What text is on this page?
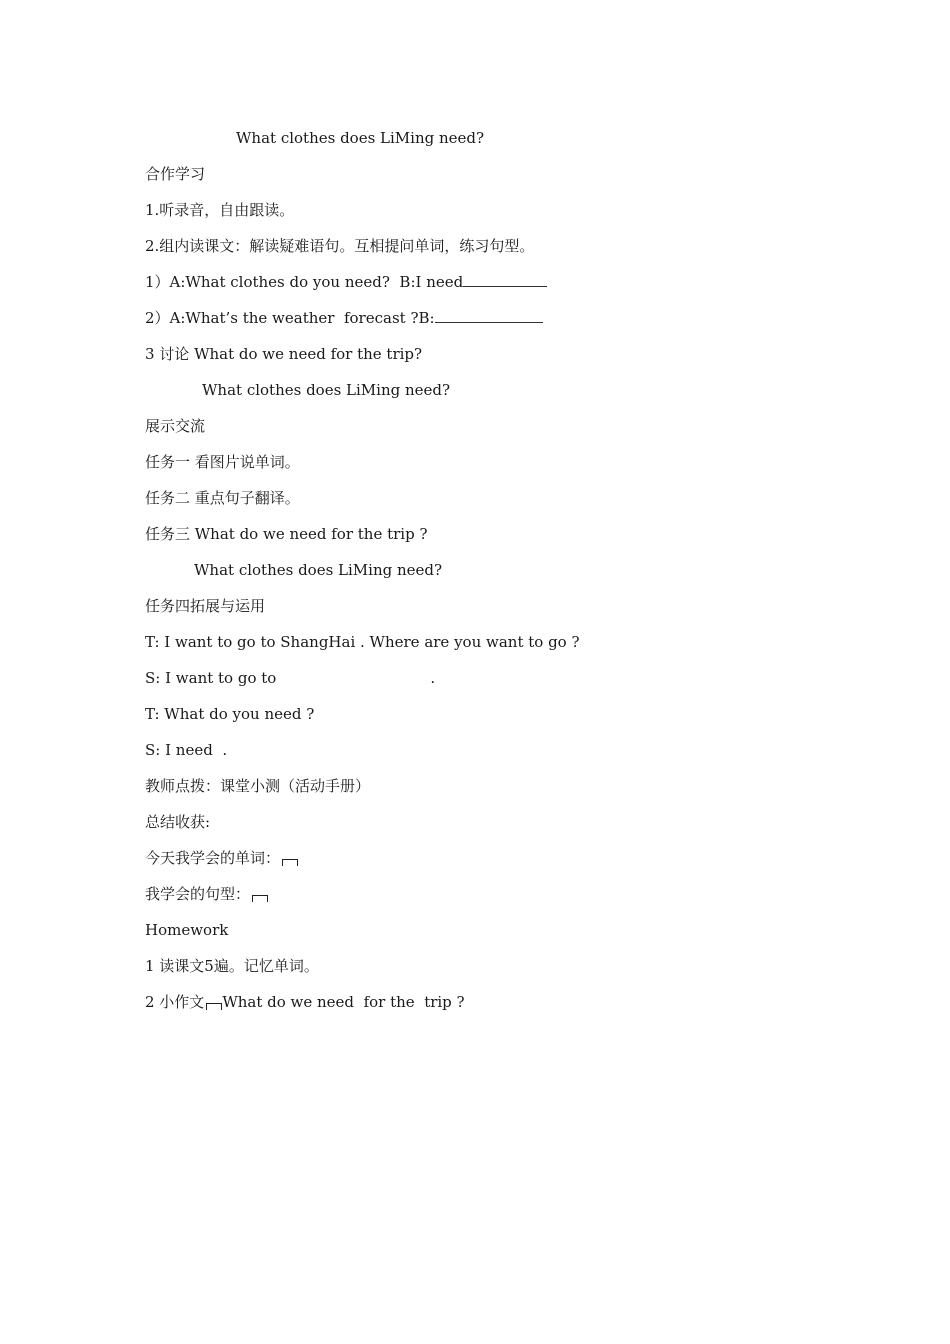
What clothes does LiMing need?
合作学习
1.听录音，自由跟读。
2.组内读课文：解读疑难语句。互相提问单词，练习句型。
1）A:What clothes do you need?  B:I need
2）A:What’s the weather  forecast ?B:
3 讨论 What do we need for the trip?
What clothes does LiMing need?
展示交流
任务一 看图片说单词。
任务二 重点句子翻译。
任务三 What do we need for the trip ?
What clothes does LiMing need?
任务四拓展与运用
T: I want to go to ShangHai . Where are you want to go ?
S: I want to go to	.
T: What do you need ?
S: I need  .
教师点拨：课堂小测（活动手册）
总结收获:
今天我学会的单词：
我学会的句型：
Homework
1 读课文5遍。记忆单词。
2 小作文 What do we need  for the  trip ?
